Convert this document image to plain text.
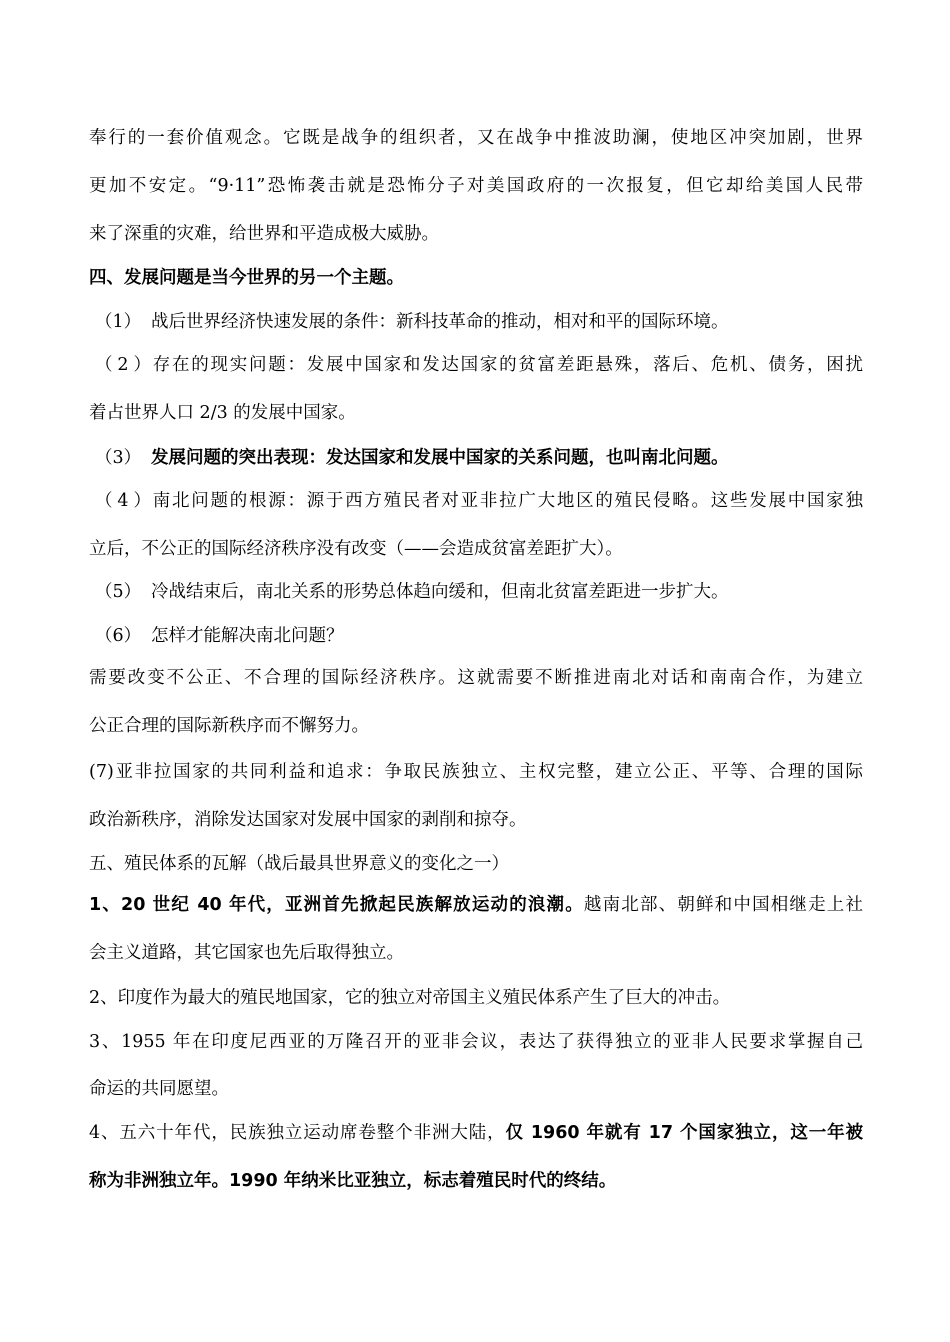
奉行的一套价值观念。它既是战争的组织者，又在战争中推波助澜，使地区冲突加剧，世界
更加不安定。“9·11”恐怖袭击就是恐怖分子对美国政府的一次报复，但它却给美国人民带
来了深重的灾难，给世界和平造成极大威胁。
四、发展问题是当今世界的另一个主题。
（1） 战后世界经济快速发展的条件：新科技革命的推动，相对和平的国际环境。
（2）存在的现实问题：发展中国家和发达国家的贫富差距悬殊，落后、危机、债务，困扰
着占世界人口 2/3 的发展中国家。
（3） 发展问题的突出表现：发达国家和发展中国家的关系问题，也叫南北问题。
（4）南北问题的根源：源于西方殖民者对亚非拉广大地区的殖民侵略。这些发展中国家独
立后，不公正的国际经济秩序没有改变（——会造成贫富差距扩大）。
（5） 冷战结束后，南北关系的形势总体趋向缓和，但南北贫富差距进一步扩大。
（6） 怎样才能解决南北问题？
需要改变不公正、不合理的国际经济秩序。这就需要不断推进南北对话和南南合作，为建立
公正合理的国际新秩序而不懈努力。
(7)亚非拉国家的共同利益和追求：争取民族独立、主权完整，建立公正、平等、合理的国际
政治新秩序，消除发达国家对发展中国家的剥削和掠夺。
五、殖民体系的瓦解（战后最具世界意义的变化之一）
1、20 世纪 40 年代，亚洲首先掀起民族解放运动的浪潮。越南北部、朝鲜和中国相继走上社
会主义道路，其它国家也先后取得独立。
2、印度作为最大的殖民地国家，它的独立对帝国主义殖民体系产生了巨大的冲击。
3、1955 年在印度尼西亚的万隆召开的亚非会议，表达了获得独立的亚非人民要求掌握自己
命运的共同愿望。
4、五六十年代，民族独立运动席卷整个非洲大陆，仅 1960 年就有 17 个国家独立，这一年被
称为非洲独立年。1990 年纳米比亚独立，标志着殖民时代的终结。
